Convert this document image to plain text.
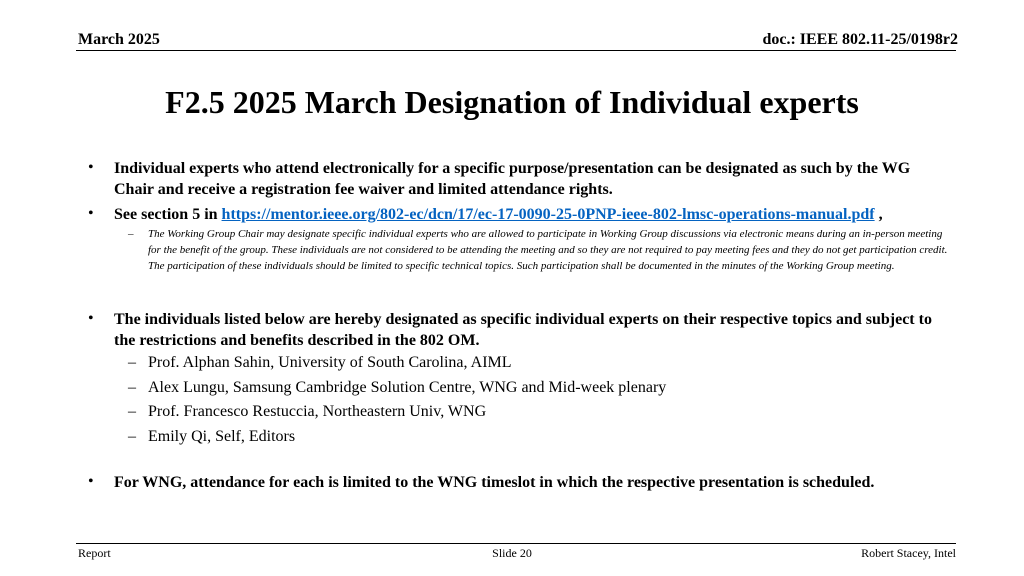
March 2025	doc.: IEEE 802.11-25/0198r2
F2.5 2025 March Designation of Individual experts
• Individual experts who attend electronically for a specific purpose/presentation can be designated as such by the WG Chair and receive a registration fee waiver and limited attendance rights.
• See section 5 in https://mentor.ieee.org/802-ec/dcn/17/ec-17-0090-25-0PNP-ieee-802-lmsc-operations-manual.pdf ,
– The Working Group Chair may designate specific individual experts who are allowed to participate in Working Group discussions via electronic means during an in-person meeting for the benefit of the group. These individuals are not considered to be attending the meeting and so they are not required to pay meeting fees and they do not get participation credit. The participation of these individuals should be limited to specific technical topics. Such participation shall be documented in the minutes of the Working Group meeting.
• The individuals listed below are hereby designated as specific individual experts on their respective topics and subject to the restrictions and benefits described in the 802 OM.
– Prof. Alphan Sahin, University of South Carolina, AIML
– Alex Lungu, Samsung Cambridge Solution Centre, WNG and Mid-week plenary
– Prof. Francesco Restuccia, Northeastern Univ, WNG
– Emily Qi, Self, Editors
• For WNG, attendance for each is limited to the WNG timeslot in which the respective presentation is scheduled.
Report	Slide 20	Robert Stacey, Intel
